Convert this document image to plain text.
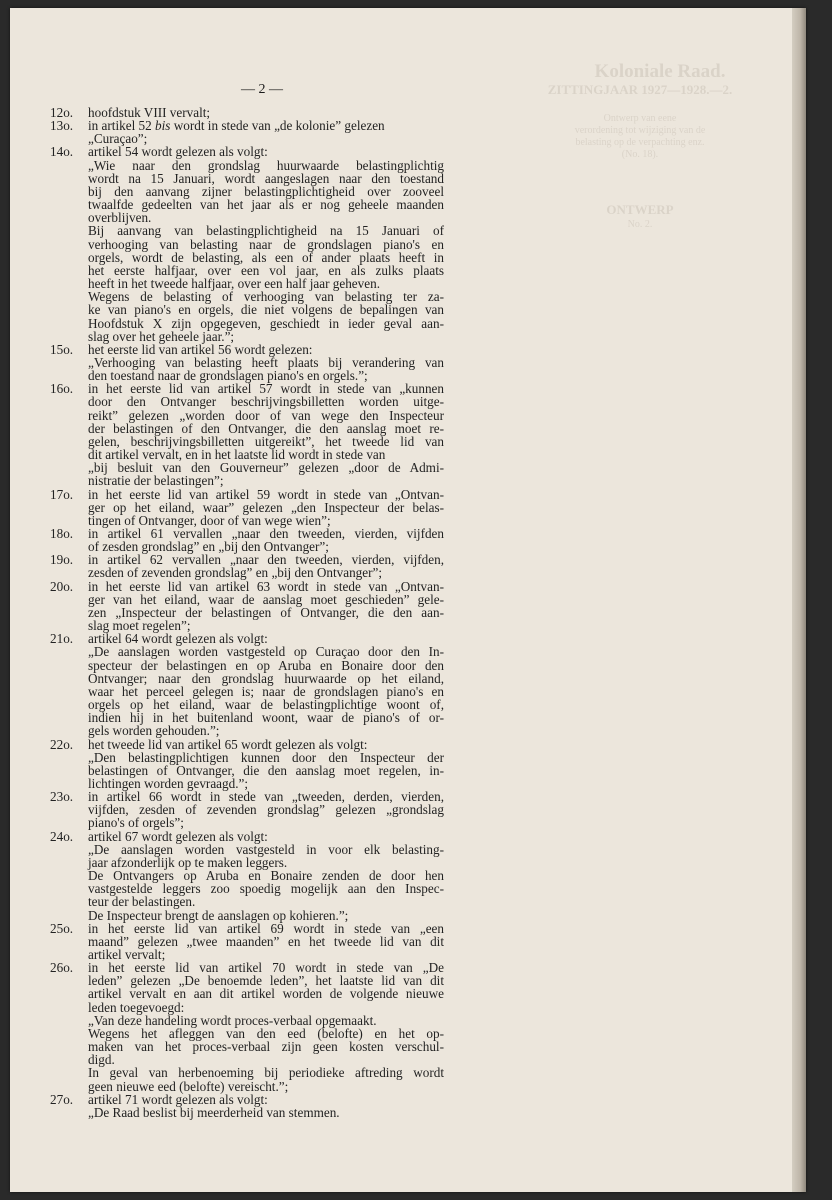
Koloniale Raad.
ZITTINGJAAR 1927—1928.—2.
Ontwerp van eene
verordening tot wijziging van de
belasting op de verpachting enz.
(No. 18).
ONTWERP
No. 2.
— 2 —
12o.	hoofdstuk VIII vervalt;
13o.	in artikel 52 bis wordt in stede van „de kolonie” gelezen
„Curaçao”;
14o.	artikel 54 wordt gelezen als volgt:
„Wie naar den grondslag huurwaarde belastingplichtig
wordt na 15 Januari, wordt aangeslagen naar den toestand
bij den aanvang zijner belastingplichtigheid over zooveel
twaalfde gedeelten van het jaar als er nog geheele maanden
overblijven.
Bij aanvang van belastingplichtigheid na 15 Januari of
verhooging van belasting naar de grondslagen piano's en
orgels, wordt de belasting, als een of ander plaats heeft in
het eerste halfjaar, over een vol jaar, en als zulks plaats
heeft in het tweede halfjaar, over een half jaar geheven.
Wegens de belasting of verhooging van belasting ter za-
ke van piano's en orgels, die niet volgens de bepalingen van
Hoofdstuk X zijn opgegeven, geschiedt in ieder geval aan-
slag over het geheele jaar.”;
15o.	het eerste lid van artikel 56 wordt gelezen:
„Verhooging van belasting heeft plaats bij verandering van
den toestand naar de grondslagen piano's en orgels.”;
16o.	in het eerste lid van artikel 57 wordt in stede van „kunnen
door den Ontvanger beschrijvingsbilletten worden uitge-
reikt” gelezen „worden door of van wege den Inspecteur
der belastingen of den Ontvanger, die den aanslag moet re-
gelen, beschrijvingsbilletten uitgereikt”, het tweede lid van
dit artikel vervalt, en in het laatste lid wordt in stede van
„bij besluit van den Gouverneur” gelezen „door de Admi-
nistratie der belastingen”;
17o.	in het eerste lid van artikel 59 wordt in stede van „Ontvan-
ger op het eiland, waar” gelezen „den Inspecteur der belas-
tingen of Ontvanger, door of van wege wien”;
18o.	in artikel 61 vervallen „naar den tweeden, vierden, vijfden
of zesden grondslag” en „bij den Ontvanger”;
19o.	in artikel 62 vervallen „naar den tweeden, vierden, vijfden,
zesden of zevenden grondslag” en „bij den Ontvanger”;
20o.	in het eerste lid van artikel 63 wordt in stede van „Ontvan-
ger van het eiland, waar de aanslag moet geschieden” gele-
zen „Inspecteur der belastingen of Ontvanger, die den aan-
slag moet regelen”;
21o.	artikel 64 wordt gelezen als volgt:
„De aanslagen worden vastgesteld op Curaçao door den In-
specteur der belastingen en op Aruba en Bonaire door den
Ontvanger; naar den grondslag huurwaarde op het eiland,
waar het perceel gelegen is; naar de grondslagen piano's en
orgels op het eiland, waar de belastingplichtige woont of,
indien hij in het buitenland woont, waar de piano's of or-
gels worden gehouden.”;
22o.	het tweede lid van artikel 65 wordt gelezen als volgt:
„Den belastingplichtigen kunnen door den Inspecteur der
belastingen of Ontvanger, die den aanslag moet regelen, in-
lichtingen worden gevraagd.”;
23o.	in artikel 66 wordt in stede van „tweeden, derden, vierden,
vijfden, zesden of zevenden grondslag” gelezen „grondslag
piano's of orgels”;
24o.	artikel 67 wordt gelezen als volgt:
„De aanslagen worden vastgesteld in voor elk belasting-
jaar afzonderlijk op te maken leggers.
De Ontvangers op Aruba en Bonaire zenden de door hen
vastgestelde leggers zoo spoedig mogelijk aan den Inspec-
teur der belastingen.
De Inspecteur brengt de aanslagen op kohieren.”;
25o.	in het eerste lid van artikel 69 wordt in stede van „een
maand” gelezen „twee maanden” en het tweede lid van dit
artikel vervalt;
26o.	in het eerste lid van artikel 70 wordt in stede van „De
leden” gelezen „De benoemde leden”, het laatste lid van dit
artikel vervalt en aan dit artikel worden de volgende nieuwe
leden toegevoegd:
„Van deze handeling wordt proces-verbaal opgemaakt.
Wegens het afleggen van den eed (belofte) en het op-
maken van het proces-verbaal zijn geen kosten verschul-
digd.
In geval van herbenoeming bij periodieke aftreding wordt
geen nieuwe eed (belofte) vereischt.”;
27o.	artikel 71 wordt gelezen als volgt:
„De Raad beslist bij meerderheid van stemmen.
